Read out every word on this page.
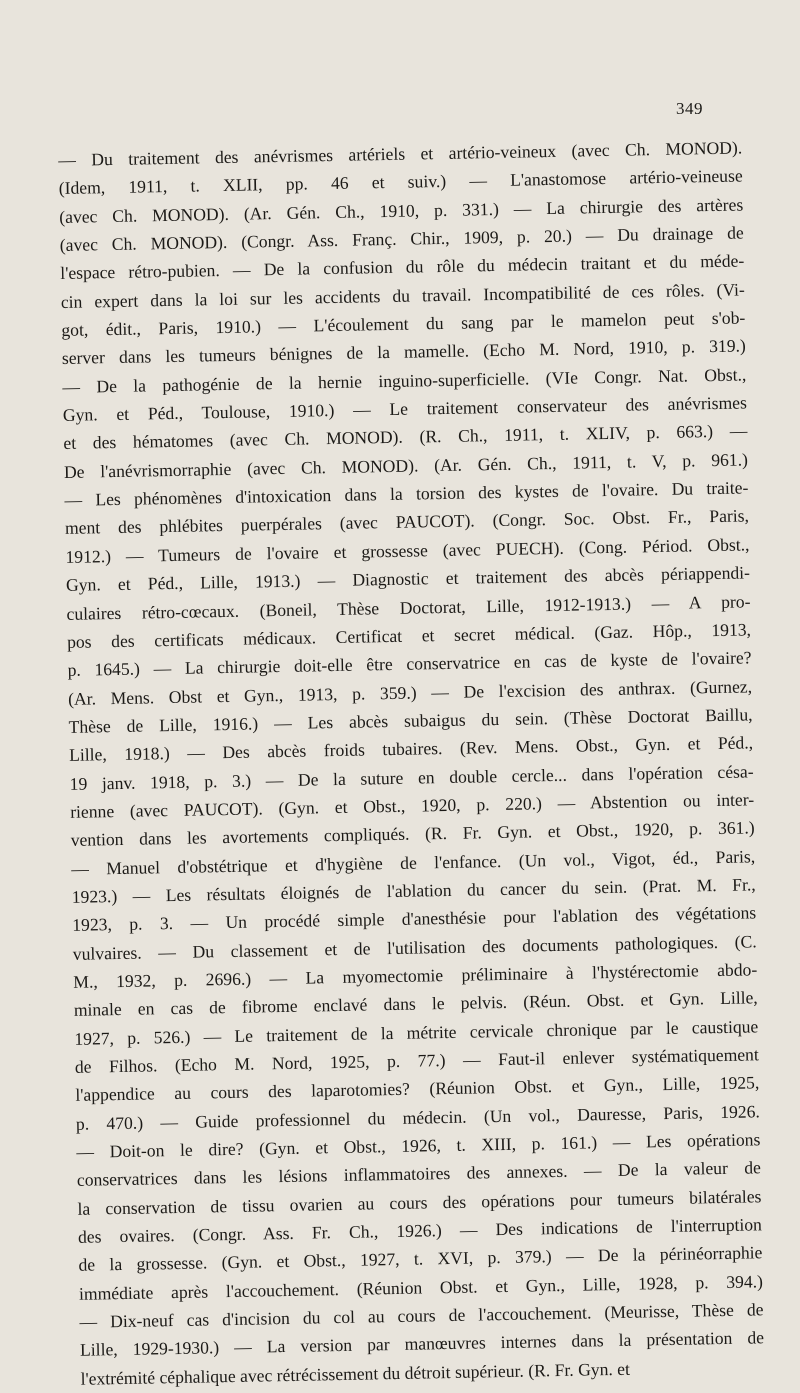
349
— Du traitement des anévrismes artériels et artério-veineux (avec Ch. MONOD).
(Idem, 1911, t. XLII, pp. 46 et suiv.) — L'anastomose artério-veineuse
(avec Ch. MONOD). (Ar. Gén. Ch., 1910, p. 331.) — La chirurgie des artères
(avec Ch. MONOD). (Congr. Ass. Franç. Chir., 1909, p. 20.) — Du drainage de
l'espace rétro-pubien. — De la confusion du rôle du médecin traitant et du méde-
cin expert dans la loi sur les accidents du travail. Incompatibilité de ces rôles. (Vi-
got, édit., Paris, 1910.) — L'écoulement du sang par le mamelon peut s'ob-
server dans les tumeurs bénignes de la mamelle. (Echo M. Nord, 1910, p. 319.)
— De la pathogénie de la hernie inguino-superficielle. (VIe Congr. Nat. Obst.,
Gyn. et Péd., Toulouse, 1910.) — Le traitement conservateur des anévrismes
et des hématomes (avec Ch. MONOD). (R. Ch., 1911, t. XLIV, p. 663.) —
De l'anévrismorraphie (avec Ch. MONOD). (Ar. Gén. Ch., 1911, t. V, p. 961.)
— Les phénomènes d'intoxication dans la torsion des kystes de l'ovaire. Du traite-
ment des phlébites puerpérales (avec PAUCOT). (Congr. Soc. Obst. Fr., Paris,
1912.) — Tumeurs de l'ovaire et grossesse (avec PUECH). (Cong. Périod. Obst.,
Gyn. et Péd., Lille, 1913.) — Diagnostic et traitement des abcès périappendi-
culaires rétro-cœcaux. (Boneil, Thèse Doctorat, Lille, 1912-1913.) — A pro-
pos des certificats médicaux. Certificat et secret médical. (Gaz. Hôp., 1913,
p. 1645.) — La chirurgie doit-elle être conservatrice en cas de kyste de l'ovaire?
(Ar. Mens. Obst et Gyn., 1913, p. 359.) — De l'excision des anthrax. (Gurnez,
Thèse de Lille, 1916.) — Les abcès subaigus du sein. (Thèse Doctorat Baillu,
Lille, 1918.) — Des abcès froids tubaires. (Rev. Mens. Obst., Gyn. et Péd.,
19 janv. 1918, p. 3.) — De la suture en double cercle... dans l'opération césa-
rienne (avec PAUCOT). (Gyn. et Obst., 1920, p. 220.) — Abstention ou inter-
vention dans les avortements compliqués. (R. Fr. Gyn. et Obst., 1920, p. 361.)
— Manuel d'obstétrique et d'hygiène de l'enfance. (Un vol., Vigot, éd., Paris,
1923.) — Les résultats éloignés de l'ablation du cancer du sein. (Prat. M. Fr.,
1923, p. 3. — Un procédé simple d'anesthésie pour l'ablation des végétations
vulvaires. — Du classement et de l'utilisation des documents pathologiques. (C.
M., 1932, p. 2696.) — La myomectomie préliminaire à l'hystérectomie abdo-
minale en cas de fibrome enclavé dans le pelvis. (Réun. Obst. et Gyn. Lille,
1927, p. 526.) — Le traitement de la métrite cervicale chronique par le caustique
de Filhos. (Echo M. Nord, 1925, p. 77.) — Faut-il enlever systématiquement
l'appendice au cours des laparotomies? (Réunion Obst. et Gyn., Lille, 1925,
p. 470.) — Guide professionnel du médecin. (Un vol., Dauresse, Paris, 1926.
— Doit-on le dire? (Gyn. et Obst., 1926, t. XIII, p. 161.) — Les opérations
conservatrices dans les lésions inflammatoires des annexes. — De la valeur de
la conservation de tissu ovarien au cours des opérations pour tumeurs bilatérales
des ovaires. (Congr. Ass. Fr. Ch., 1926.) — Des indications de l'interruption
de la grossesse. (Gyn. et Obst., 1927, t. XVI, p. 379.) — De la périnéorraphie
immédiate après l'accouchement. (Réunion Obst. et Gyn., Lille, 1928, p. 394.)
— Dix-neuf cas d'incision du col au cours de l'accouchement. (Meurisse, Thèse de
Lille, 1929-1930.) — La version par manœuvres internes dans la présentation de
l'extrémité céphalique avec rétrécissement du détroit supérieur. (R. Fr. Gyn. et
